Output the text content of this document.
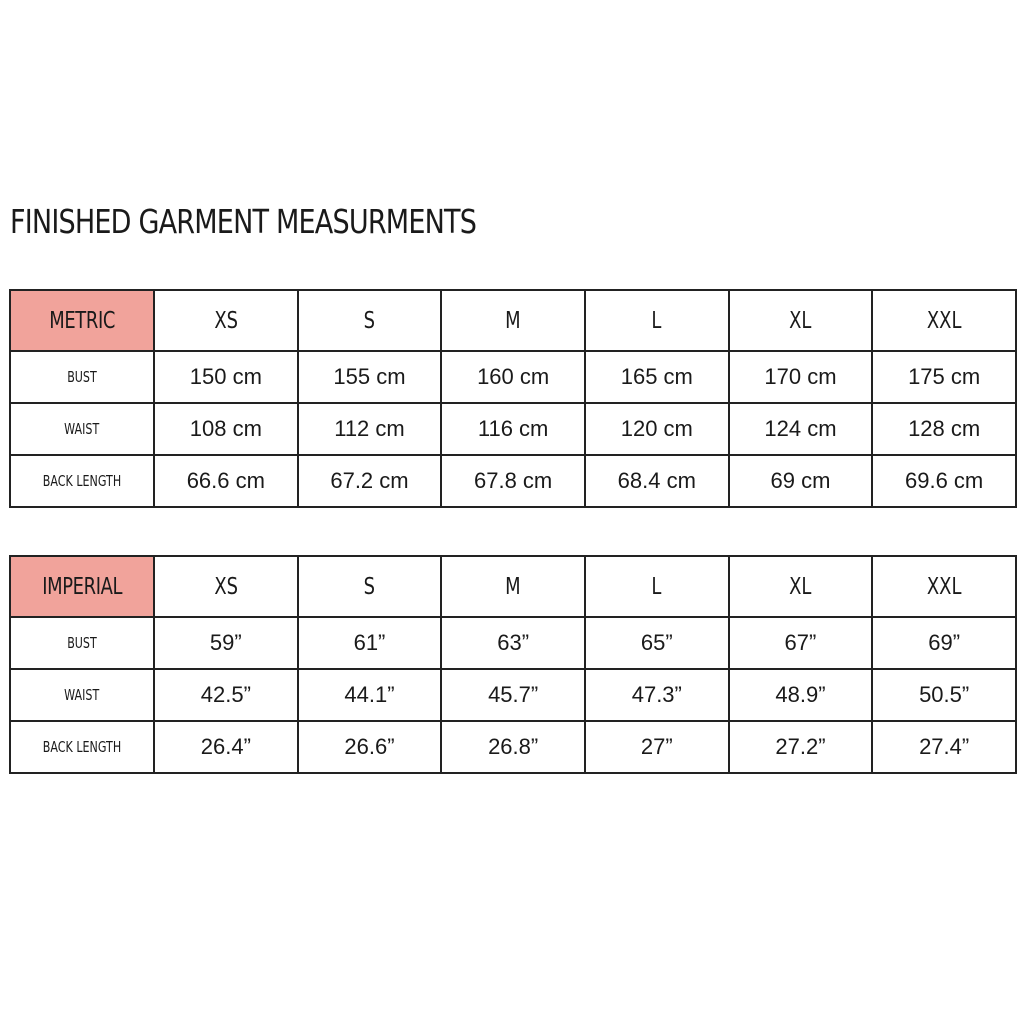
FINISHED GARMENT MEASURMENTS
METRIC	XS	S	M	L	XL	XXL
BUST	150 cm	155 cm	160 cm	165 cm	170 cm	175 cm
WAIST	108 cm	112 cm	116 cm	120 cm	124 cm	128 cm
BACK LENGTH	66.6 cm	67.2 cm	67.8 cm	68.4 cm	69 cm	69.6 cm
IMPERIAL	XS	S	M	L	XL	XXL
BUST	59”	61”	63”	65”	67”	69”
WAIST	42.5”	44.1”	45.7”	47.3”	48.9”	50.5”
BACK LENGTH	26.4”	26.6”	26.8”	27”	27.2”	27.4”
